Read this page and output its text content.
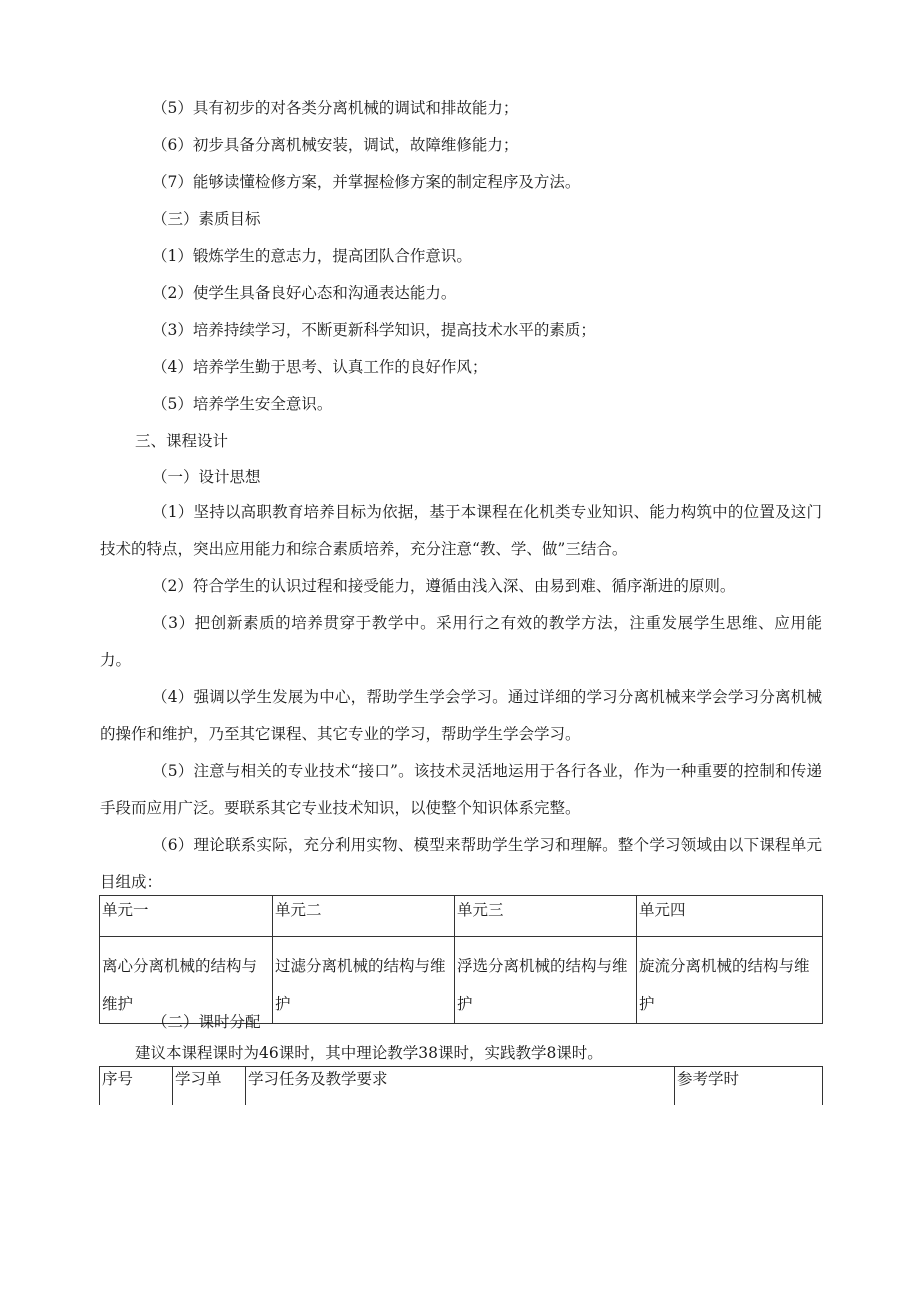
（5）具有初步的对各类分离机械的调试和排故能力；
（6）初步具备分离机械安装，调试，故障维修能力；
（7）能够读懂检修方案，并掌握检修方案的制定程序及方法。
（三）素质目标
（1）锻炼学生的意志力，提高团队合作意识。
（2）使学生具备良好心态和沟通表达能力。
（3）培养持续学习，不断更新科学知识，提高技术水平的素质；
（4）培养学生勤于思考、认真工作的良好作风；
（5）培养学生安全意识。
三、课程设计
（一）设计思想
（1）坚持以高职教育培养目标为依据，基于本课程在化机类专业知识、能力构筑中的位置及这门技术的特点，突出应用能力和综合素质培养，充分注意“教、学、做”三结合。
（2）符合学生的认识过程和接受能力，遵循由浅入深、由易到难、循序渐进的原则。
（3）把创新素质的培养贯穿于教学中。采用行之有效的教学方法，注重发展学生思维、应用能力。
（4）强调以学生发展为中心，帮助学生学会学习。通过详细的学习分离机械来学会学习分离机械的操作和维护，乃至其它课程、其它专业的学习，帮助学生学会学习。
（5）注意与相关的专业技术“接口”。该技术灵活地运用于各行各业，作为一种重要的控制和传递手段而应用广泛。要联系其它专业技术知识，以使整个知识体系完整。
（6）理论联系实际，充分利用实物、模型来帮助学生学习和理解。整个学习领域由以下课程单元目组成：
单元一	单元二	单元三	单元四
离心分离机械的结构与维护	过滤分离机械的结构与维护	浮选分离机械的结构与维护	旋流分离机械的结构与维护
（二）课时分配
建议本课程课时为46课时，其中理论教学38课时，实践教学8课时。
序号	学习单	学习任务及教学要求	参考学时
